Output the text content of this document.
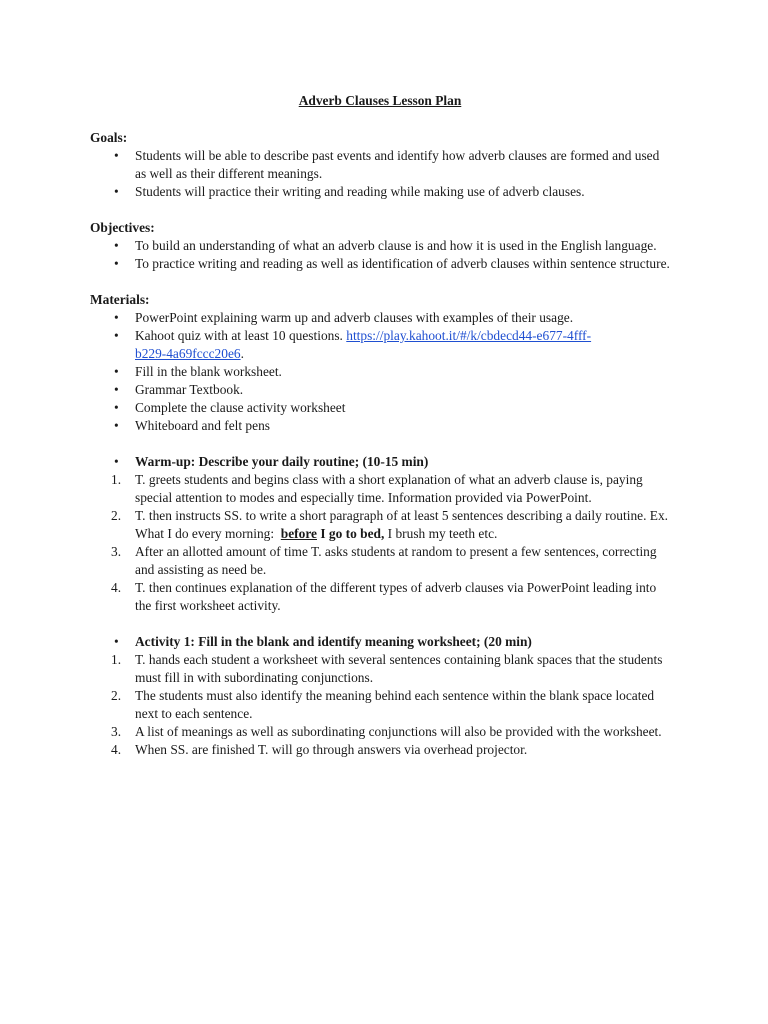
Adverb Clauses Lesson Plan
Goals:
• Students will be able to describe past events and identify how adverb clauses are formed and used as well as their different meanings.
• Students will practice their writing and reading while making use of adverb clauses.
Objectives:
• To build an understanding of what an adverb clause is and how it is used in the English language.
• To practice writing and reading as well as identification of adverb clauses within sentence structure.
Materials:
• PowerPoint explaining warm up and adverb clauses with examples of their usage.
• Kahoot quiz with at least 10 questions. https://play.kahoot.it/#/k/cbdecd44-e677-4fff-
b229-4a69fccc20e6.
• Fill in the blank worksheet.
• Grammar Textbook.
• Complete the clause activity worksheet
• Whiteboard and felt pens
• Warm-up: Describe your daily routine; (10-15 min)
1. T. greets students and begins class with a short explanation of what an adverb clause is, paying special attention to modes and especially time. Information provided via PowerPoint.
2. T. then instructs SS. to write a short paragraph of at least 5 sentences describing a daily routine. Ex. What I do every morning: before I go to bed, I brush my teeth etc.
3. After an allotted amount of time T. asks students at random to present a few sentences, correcting and assisting as need be.
4. T. then continues explanation of the different types of adverb clauses via PowerPoint leading into the first worksheet activity.
• Activity 1: Fill in the blank and identify meaning worksheet; (20 min)
1. T. hands each student a worksheet with several sentences containing blank spaces that the students must fill in with subordinating conjunctions.
2. The students must also identify the meaning behind each sentence within the blank space located next to each sentence.
3. A list of meanings as well as subordinating conjunctions will also be provided with the worksheet.
4. When SS. are finished T. will go through answers via overhead projector.
